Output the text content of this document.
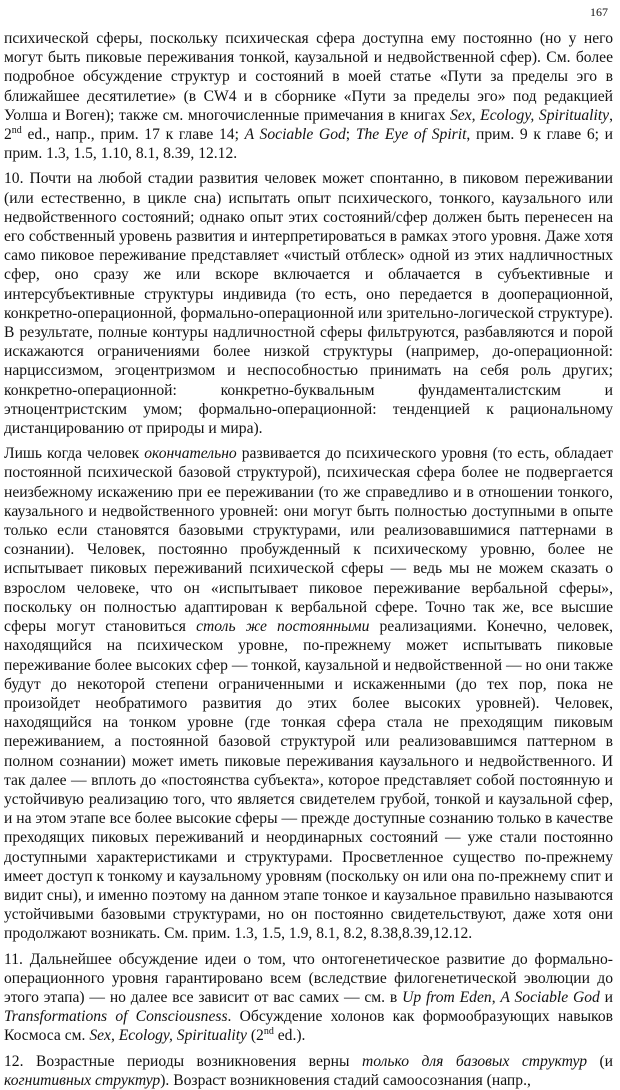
167

психической сферы, поскольку психическая сфера доступна ему постоянно (но у него могут быть пиковые переживания тонкой, каузальной и недвойственной сфер). См. более подробное обсуждение структур и состояний в моей статье «Пути за пределы эго в ближайшее десятилетие» (в CW4 и в сборнике «Пути за пределы эго» под редакцией Уолша и Воген); также см. многочисленные примечания в книгах Sex, Ecology, Spirituality, 2nd ed., напр., прим. 17 к главе 14; A Sociable God; The Eye of Spirit, прим. 9 к главе 6; и прим. 1.3, 1.5, 1.10, 8.1, 8.39, 12.12.

10. Почти на любой стадии развития человек может спонтанно, в пиковом переживании (или естественно, в цикле сна) испытать опыт психического, тонкого, каузального или недвойственного состояний; однако опыт этих состояний/сфер должен быть перенесен на его собственный уровень развития и интерпретироваться в рамках этого уровня. Даже хотя само пиковое переживание представляет «чистый отблеск» одной из этих надличностных сфер, оно сразу же или вскоре включается и облачается в субъективные и интерсубъективные структуры индивида (то есть, оно передается в дооперационной, конкретно-операционной, формально-операционной или зрительно-логической структуре). В результате, полные контуры надличностной сферы фильтруются, разбавляются и порой искажаются ограничениями более низкой структуры (например, до-операционной: нарциссизмом, эгоцентризмом и неспособностью принимать на себя роль других; конкретно-операционной: конкретно-буквальным фундаменталистским и этноцентристским умом; формально-операционной: тенденцией к рациональному дистанцированию от природы и мира).

Лишь когда человек окончательно развивается до психического уровня (то есть, обладает постоянной психической базовой структурой), психическая сфера более не подвергается неизбежному искажению при ее переживании (то же справедливо и в отношении тонкого, каузального и недвойственного уровней: они могут быть полностью доступными в опыте только если становятся базовыми структурами, или реализовавшимися паттернами в сознании). Человек, постоянно пробужденный к психическому уровню, более не испытывает пиковых переживаний психической сферы — ведь мы не можем сказать о взрослом человеке, что он «испытывает пиковое переживание вербальной сферы», поскольку он полностью адаптирован к вербальной сфере. Точно так же, все высшие сферы могут становиться столь же постоянными реализациями. Конечно, человек, находящийся на психическом уровне, по-прежнему может испытывать пиковые переживание более высоких сфер — тонкой, каузальной и недвойственной — но они также будут до некоторой степени ограниченными и искаженными (до тех пор, пока не произойдет необратимого развития до этих более высоких уровней). Человек, находящийся на тонком уровне (где тонкая сфера стала не преходящим пиковым переживанием, а постоянной базовой структурой или реализовавшимся паттерном в полном сознании) может иметь пиковые переживания каузального и недвойственного. И так далее — вплоть до «постоянства субъекта», которое представляет собой постоянную и устойчивую реализацию того, что является свидетелем грубой, тонкой и каузальной сфер, и на этом этапе все более высокие сферы — прежде доступные сознанию только в качестве преходящих пиковых переживаний и неординарных состояний — уже стали постоянно доступными характеристиками и структурами. Просветленное существо по-прежнему имеет доступ к тонкому и каузальному уровням (поскольку он или она по-прежнему спит и видит сны), и именно поэтому на данном этапе тонкое и каузальное правильно называются устойчивыми базовыми структурами, но он постоянно свидетельствуют, даже хотя они продолжают возникать. См. прим. 1.3, 1.5, 1.9, 8.1, 8.2, 8.38,8.39,12.12.

11. Дальнейшее обсуждение идеи о том, что онтогенетическое развитие до формально-операционного уровня гарантировано всем (вследствие филогенетической эволюции до этого этапа) — но далее все зависит от вас самих — см. в Up from Eden, A Sociable God и Transformations of Consciousness. Обсуждение холонов как формообразующих навыков Космоса см. Sex, Ecology, Spirituality (2nd ed.).

12. Возрастные периоды возникновения верны только для базовых структур (и когнитивных структур). Возраст возникновения стадий самоосознания (напр.,
